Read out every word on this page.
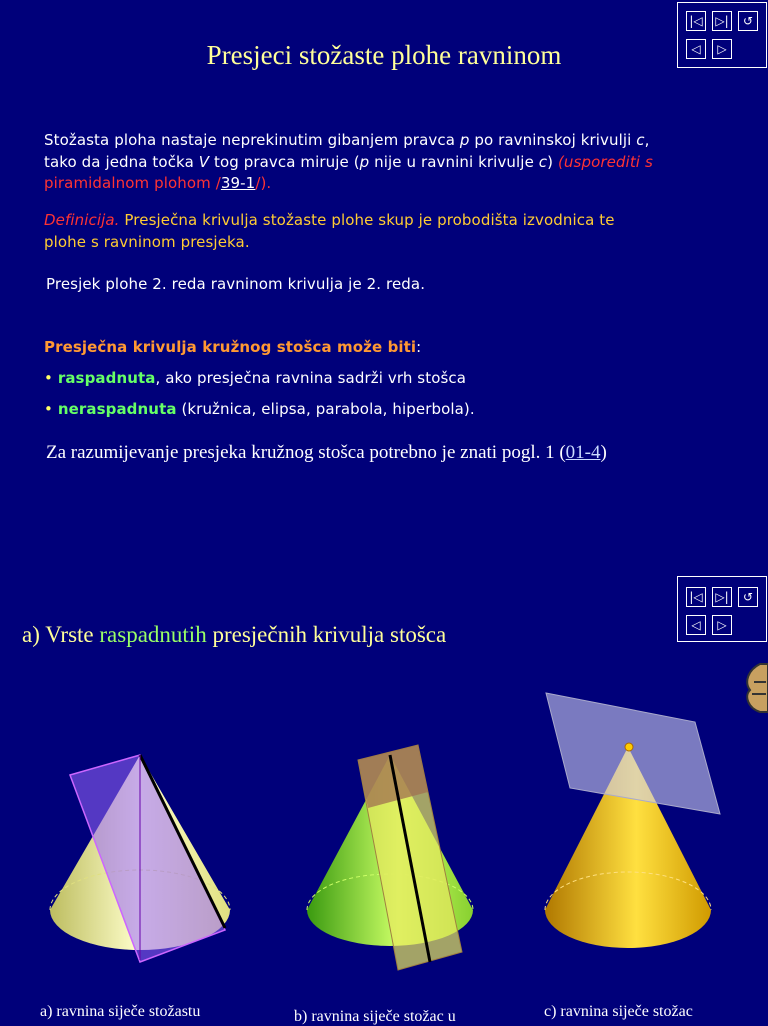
|◁ ▷|	↺
◁	▷
Presjeci stožaste plohe ravninom
Stožasta ploha nastaje neprekinutim gibanjem pravca p po ravninskoj krivulji c,
tako da jedna točka V tog pravca miruje (p nije u ravnini krivulje c) (usporediti s
piramidalnom plohom /39-1/).
Definicija. Presječna krivulja stožaste plohe skup je probodišta izvodnica te
plohe s ravninom presjeka.
Presjek plohe 2. reda ravninom krivulja je 2. reda.
Presječna krivulja kružnog stošca može biti:
• raspadnuta, ako presječna ravnina sadrži vrh stošca
• neraspadnuta (kružnica, elipsa, parabola, hiperbola).
Za razumijevanje presjeka kružnog stošca potrebno je znati pogl. 1 (01-4)
|◁ ▷|	↺
◁	▷
a) Vrste raspadnutih presječnih krivulja stošca
a) ravnina siječe stožastu	b) ravnina siječe stožac u	c) ravnina siječe stožac
